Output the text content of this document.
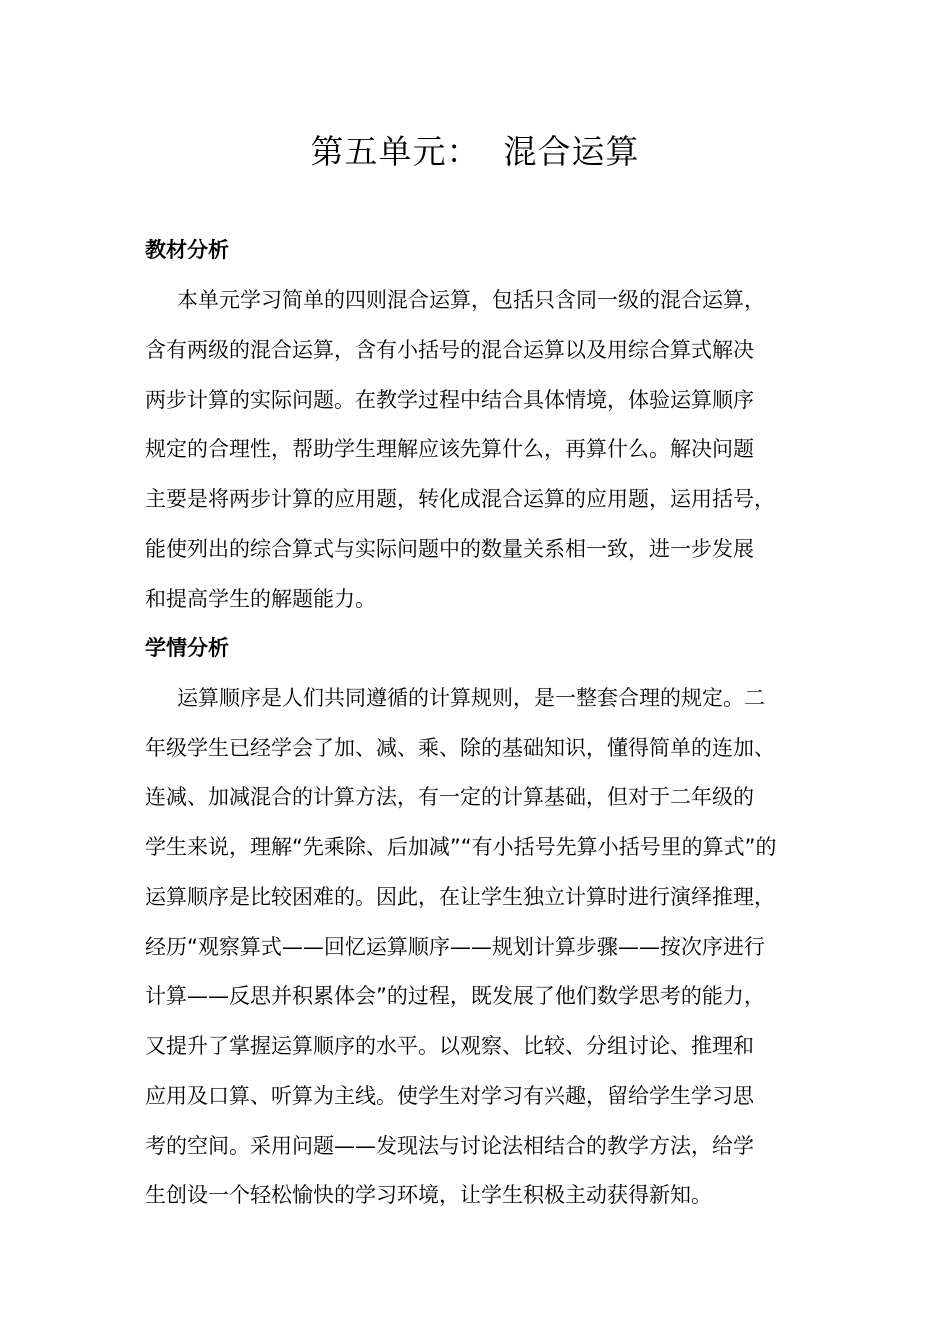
第五单元：  混合运算
教材分析
本单元学习简单的四则混合运算，包括只含同一级的混合运算，
含有两级的混合运算，含有小括号的混合运算以及用综合算式解决
两步计算的实际问题。在教学过程中结合具体情境，体验运算顺序
规定的合理性，帮助学生理解应该先算什么，再算什么。解决问题
主要是将两步计算的应用题，转化成混合运算的应用题，运用括号，
能使列出的综合算式与实际问题中的数量关系相一致，进一步发展
和提高学生的解题能力。
学情分析
运算顺序是人们共同遵循的计算规则，是一整套合理的规定。二
年级学生已经学会了加、减、乘、除的基础知识，懂得简单的连加、
连减、加减混合的计算方法，有一定的计算基础，但对于二年级的
学生来说，理解“先乘除、后加减”“有小括号先算小括号里的算式”的
运算顺序是比较困难的。因此，在让学生独立计算时进行演绎推理，
经历“观察算式——回忆运算顺序——规划计算步骤——按次序进行
计算——反思并积累体会”的过程，既发展了他们数学思考的能力，
又提升了掌握运算顺序的水平。以观察、比较、分组讨论、推理和
应用及口算、听算为主线。使学生对学习有兴趣，留给学生学习思
考的空间。采用问题——发现法与讨论法相结合的教学方法，给学
生创设一个轻松愉快的学习环境，让学生积极主动获得新知。
